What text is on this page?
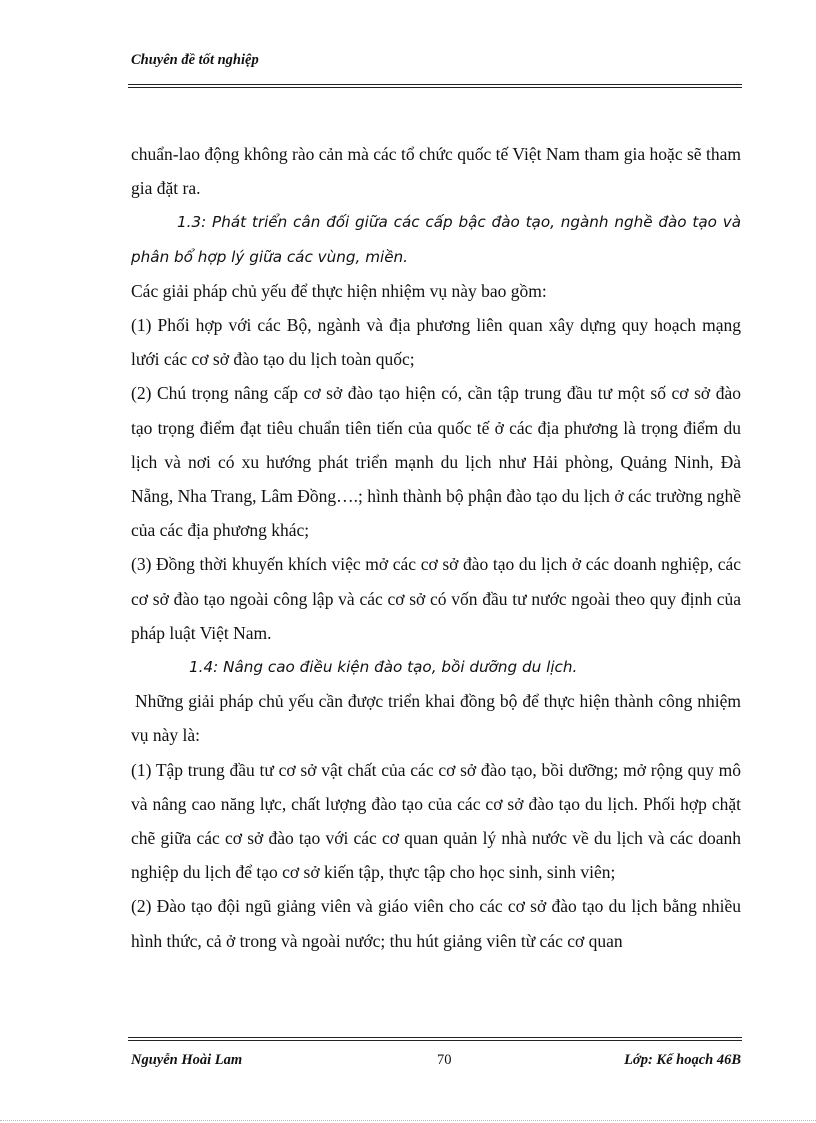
Chuyên đề tốt nghiệp

chuẩn-lao động không rào cản mà các tổ chức quốc tế Việt Nam tham gia hoặc sẽ tham gia đặt ra.

1.3: Phát triển cân đối giữa các cấp bậc đào tạo, ngành nghề đào tạo và phân bổ hợp lý giữa các vùng, miền.

Các giải pháp chủ yếu để thực hiện nhiệm vụ này bao gồm:

(1) Phối hợp với các Bộ, ngành và địa phương liên quan xây dựng quy hoạch mạng lưới các cơ sở đào tạo du lịch toàn quốc;

(2) Chú trọng nâng cấp cơ sở đào tạo hiện có, cần tập trung đầu tư một số cơ sở đào tạo trọng điểm đạt tiêu chuẩn tiên tiến của quốc tế ở các địa phương là trọng điểm du lịch và nơi có xu hướng phát triển mạnh du lịch như Hải phòng, Quảng Ninh, Đà Nẵng, Nha Trang, Lâm Đồng….; hình thành bộ phận đào tạo du lịch ở các trường nghề của các địa phương khác;

(3) Đồng thời khuyến khích việc mở các cơ sở đào tạo du lịch ở các doanh nghiệp, các cơ sở đào tạo ngoài công lập và các cơ sở có vốn đầu tư nước ngoài theo quy định của pháp luật Việt Nam.

1.4: Nâng cao điều kiện đào tạo, bồi dưỡng du lịch.

Những giải pháp chủ yếu cần được triển khai đồng bộ để thực hiện thành công nhiệm vụ này là:

(1) Tập trung đầu tư cơ sở vật chất của các cơ sở đào tạo, bồi dưỡng; mở rộng quy mô và nâng cao năng lực, chất lượng đào tạo của các cơ sở đào tạo du lịch. Phối hợp chặt chẽ giữa các cơ sở đào tạo với các cơ quan quản lý nhà nước về du lịch và các doanh nghiệp du lịch để tạo cơ sở kiến tập, thực tập cho học sinh, sinh viên;

(2) Đào tạo đội ngũ giảng viên và giáo viên cho các cơ sở đào tạo du lịch bằng nhiều hình thức, cả ở trong và ngoài nước; thu hút giảng viên từ các cơ quan

Nguyễn Hoài Lam	70	Lớp: Kế hoạch 46B
